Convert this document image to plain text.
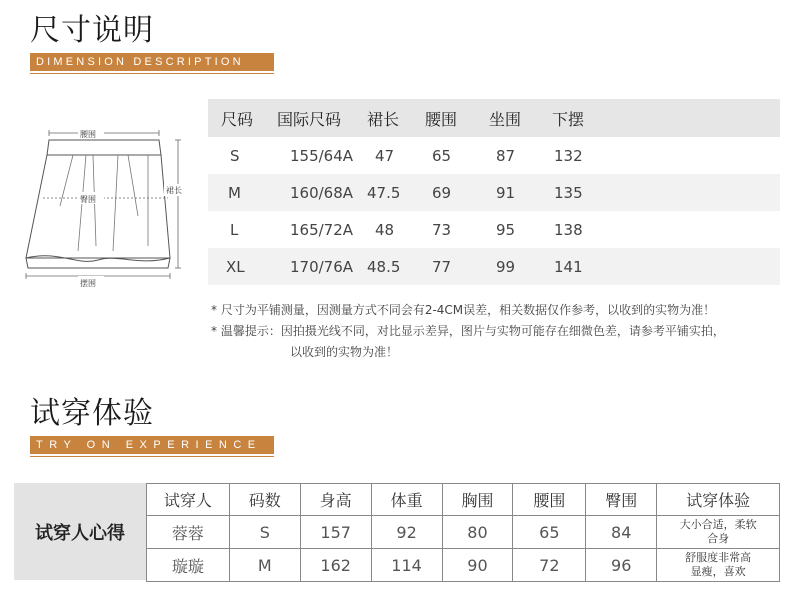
尺寸说明
DIMENSION DESCRIPTION
腰围
臀围
裙长
摆围
尺码	国际尺码	裙长	腰围	坐围	下摆
S	155/64A	47	65	87	132
M	160/68A	47.5	69	91	135
L	165/72A	48	73	95	138
XL	170/76A	48.5	77	99	141
* 尺寸为平铺测量，因测量方式不同会有2-4CM误差，相关数据仅作参考，以收到的实物为准！
* 温馨提示：因拍摄光线不同，对比显示差异，图片与实物可能存在细微色差，请参考平铺实拍，
以收到的实物为准！
试穿体验
TRY ON EXPERIENCE
试穿人心得
试穿人	码数	身高	体重	胸围	腰围	臀围	试穿体验
蓉蓉	S	157	92	80	65	84	大小合适，柔软
合身

璇璇	M	162	114	90	72	96	舒服度非常高
显瘦，喜欢
